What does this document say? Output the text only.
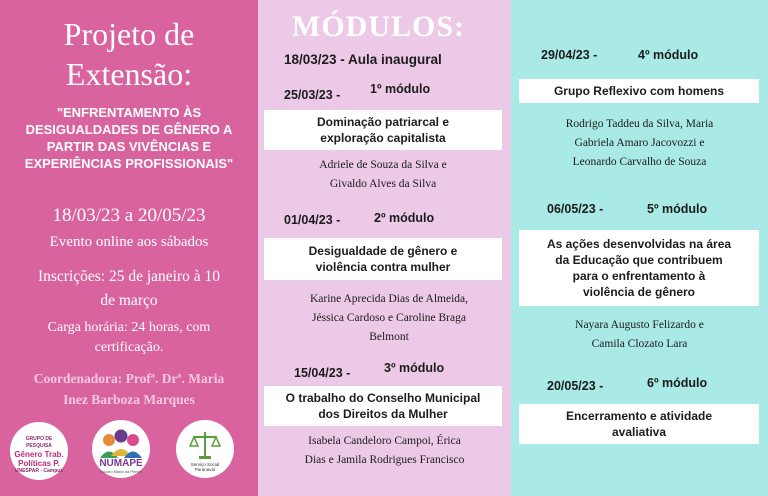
Projeto de
Extensão:
"ENFRENTAMENTO ÀS
DESIGUALDADES DE GÊNERO A
PARTIR DAS VIVÊNCIAS E
EXPERIÊNCIAS PROFISSIONAIS"
18/03/23 a 20/05/23
Evento online aos sábados
Inscrições: 25 de janeiro à 10
de março
Carga horária: 24 horas, com
certificação.
Coordenadora: Profª. Drª. Maria
Inez Barboza Marques
GRUPO DE PESQUISA
Gênero Trab.
Políticas P.
UNESPAR - Campus
NUMAPE
Núcleo Maria da Penha
Serviço Social Paranavaí
MÓDULOS:
18/03/23 - Aula inaugural
25/03/23 - 1º módulo
Dominação patriarcal e
exploração capitalista
Adriele de Souza da Silva e
Givaldo Alves da Silva
01/04/23 -	2º módulo
Desigualdade de gênero e
violência contra mulher
Karine Aprecida Dias de Almeida,
Jéssica Cardoso e Caroline Braga
Belmont
15/04/23 -	3º módulo
O trabalho do Conselho Municipal
dos Direitos da Mulher
Isabela Candeloro Campoi, Érica
Dias e Jamila Rodrigues Francisco
29/04/23 -	4º módulo
Grupo Reflexivo com homens
Rodrigo Taddeu da Silva, Maria
Gabriela Amaro Jacovozzi e
Leonardo Carvalho de Souza
06/05/23 -	5º módulo
As ações desenvolvidas na área
da Educação que contribuem
para o enfrentamento à
violência de gênero
Nayara Augusto Felizardo e
Camila Clozato Lara
20/05/23 -	6º módulo
Encerramento e atividade
avaliativa
